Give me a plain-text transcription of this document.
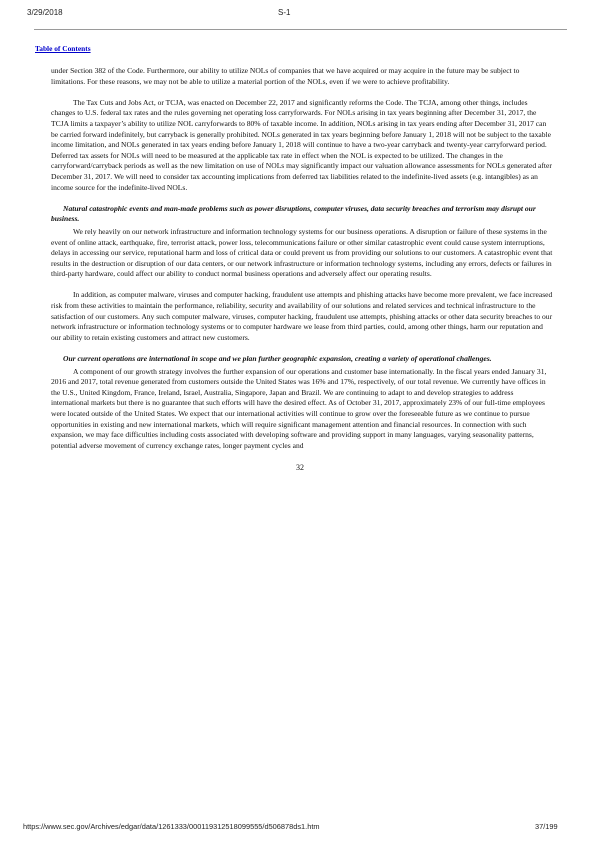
3/29/2018	S-1
Table of Contents

under Section 382 of the Code. Furthermore, our ability to utilize NOLs of companies that we have acquired or may acquire in the future may be subject to limitations. For these reasons, we may not be able to utilize a material portion of the NOLs, even if we were to achieve profitability.

The Tax Cuts and Jobs Act, or TCJA, was enacted on December 22, 2017 and significantly reforms the Code. The TCJA, among other things, includes changes to U.S. federal tax rates and the rules governing net operating loss carryforwards. For NOLs arising in tax years beginning after December 31, 2017, the TCJA limits a taxpayer’s ability to utilize NOL carryforwards to 80% of taxable income. In addition, NOLs arising in tax years ending after December 31, 2017 can be carried forward indefinitely, but carryback is generally prohibited. NOLs generated in tax years beginning before January 1, 2018 will not be subject to the taxable income limitation, and NOLs generated in tax years ending before January 1, 2018 will continue to have a two-year carryback and twenty-year carryforward period. Deferred tax assets for NOLs will need to be measured at the applicable tax rate in effect when the NOL is expected to be utilized. The changes in the carryforward/carryback periods as well as the new limitation on use of NOLs may significantly impact our valuation allowance assessments for NOLs generated after December 31, 2017. We will need to consider tax accounting implications from deferred tax liabilities related to the indefinite-lived assets (e.g. intangibles) as an income source for the indefinite-lived NOLs.

Natural catastrophic events and man-made problems such as power disruptions, computer viruses, data security breaches and terrorism may disrupt our business.

We rely heavily on our network infrastructure and information technology systems for our business operations. A disruption or failure of these systems in the event of online attack, earthquake, fire, terrorist attack, power loss, telecommunications failure or other similar catastrophic event could cause system interruptions, delays in accessing our service, reputational harm and loss of critical data or could prevent us from providing our solutions to our customers. A catastrophic event that results in the destruction or disruption of our data centers, or our network infrastructure or information technology systems, including any errors, defects or failures in third-party hardware, could affect our ability to conduct normal business operations and adversely affect our operating results.

In addition, as computer malware, viruses and computer hacking, fraudulent use attempts and phishing attacks have become more prevalent, we face increased risk from these activities to maintain the performance, reliability, security and availability of our solutions and related services and technical infrastructure to the satisfaction of our customers. Any such computer malware, viruses, computer hacking, fraudulent use attempts, phishing attacks or other data security breaches to our network infrastructure or information technology systems or to computer hardware we lease from third parties, could, among other things, harm our reputation and our ability to retain existing customers and attract new customers.

Our current operations are international in scope and we plan further geographic expansion, creating a variety of operational challenges.

A component of our growth strategy involves the further expansion of our operations and customer base internationally. In the fiscal years ended January 31, 2016 and 2017, total revenue generated from customers outside the United States was 16% and 17%, respectively, of our total revenue. We currently have offices in the U.S., United Kingdom, France, Ireland, Israel, Australia, Singapore, Japan and Brazil. We are continuing to adapt to and develop strategies to address international markets but there is no guarantee that such efforts will have the desired effect. As of October 31, 2017, approximately 23% of our full-time employees were located outside of the United States. We expect that our international activities will continue to grow over the foreseeable future as we continue to pursue opportunities in existing and new international markets, which will require significant management attention and financial resources. In connection with such expansion, we may face difficulties including costs associated with developing software and providing support in many languages, varying seasonality patterns, potential adverse movement of currency exchange rates, longer payment cycles and

32
https://www.sec.gov/Archives/edgar/data/1261333/000119312518099555/d506878ds1.htm	37/199
